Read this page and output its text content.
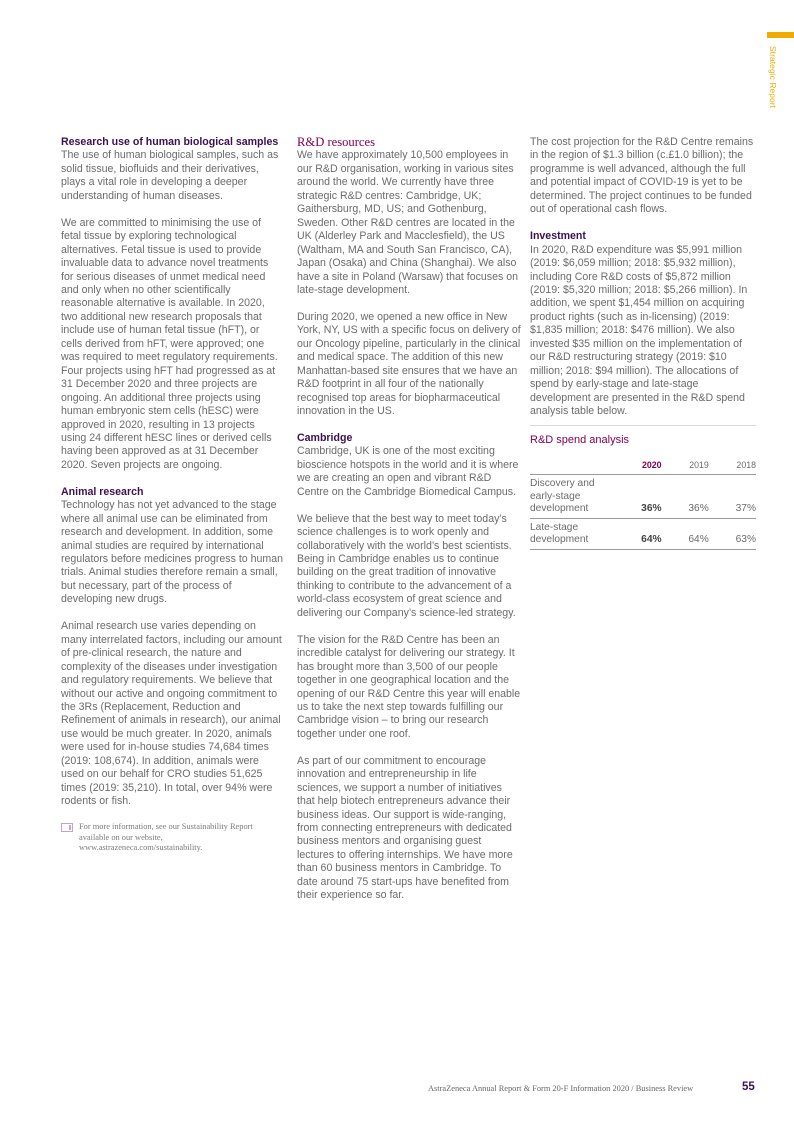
Strategic Report
Research use of human biological samples

The use of human biological samples, such as solid tissue, biofluids and their derivatives, plays a vital role in developing a deeper understanding of human diseases.

We are committed to minimising the use of fetal tissue by exploring technological alternatives. Fetal tissue is used to provide invaluable data to advance novel treatments for serious diseases of unmet medical need and only when no other scientifically reasonable alternative is available. In 2020, two additional new research proposals that include use of human fetal tissue (hFT), or cells derived from hFT, were approved; one was required to meet regulatory requirements. Four projects using hFT had progressed as at 31 December 2020 and three projects are ongoing. An additional three projects using human embryonic stem cells (hESC) were approved in 2020, resulting in 13 projects using 24 different hESC lines or derived cells having been approved as at 31 December 2020. Seven projects are ongoing.

Animal research

Technology has not yet advanced to the stage where all animal use can be eliminated from research and development. In addition, some animal studies are required by international regulators before medicines progress to human trials. Animal studies therefore remain a small, but necessary, part of the process of developing new drugs.

Animal research use varies depending on many interrelated factors, including our amount of pre-clinical research, the nature and complexity of the diseases under investigation and regulatory requirements. We believe that without our active and ongoing commitment to the 3Rs (Replacement, Reduction and Refinement of animals in research), our animal use would be much greater. In 2020, animals were used for in-house studies 74,684 times (2019: 108,674). In addition, animals were used on our behalf for CRO studies 51,625 times (2019: 35,210). In total, over 94% were rodents or fish.

For more information, see our Sustainability Report available on our website, www.astrazeneca.com/sustainability.
R&D resources

We have approximately 10,500 employees in our R&D organisation, working in various sites around the world. We currently have three strategic R&D centres: Cambridge, UK; Gaithersburg, MD, US; and Gothenburg, Sweden. Other R&D centres are located in the UK (Alderley Park and Macclesfield), the US (Waltham, MA and South San Francisco, CA), Japan (Osaka) and China (Shanghai). We also have a site in Poland (Warsaw) that focuses on late-stage development.

During 2020, we opened a new office in New York, NY, US with a specific focus on delivery of our Oncology pipeline, particularly in the clinical and medical space. The addition of this new Manhattan-based site ensures that we have an R&D footprint in all four of the nationally recognised top areas for biopharmaceutical innovation in the US.

Cambridge

Cambridge, UK is one of the most exciting bioscience hotspots in the world and it is where we are creating an open and vibrant R&D Centre on the Cambridge Biomedical Campus.

We believe that the best way to meet today’s science challenges is to work openly and collaboratively with the world’s best scientists. Being in Cambridge enables us to continue building on the great tradition of innovative thinking to contribute to the advancement of a world-class ecosystem of great science and delivering our Company’s science-led strategy.

The vision for the R&D Centre has been an incredible catalyst for delivering our strategy. It has brought more than 3,500 of our people together in one geographical location and the opening of our R&D Centre this year will enable us to take the next step towards fulfilling our Cambridge vision – to bring our research together under one roof.

As part of our commitment to encourage innovation and entrepreneurship in life sciences, we support a number of initiatives that help biotech entrepreneurs advance their business ideas. Our support is wide-ranging, from connecting entrepreneurs with dedicated business mentors and organising guest lectures to offering internships. We have more than 60 business mentors in Cambridge. To date around 75 start-ups have benefited from their experience so far.

The cost projection for the R&D Centre remains in the region of $1.3 billion (c.£1.0 billion); the programme is well advanced, although the full and potential impact of COVID-19 is yet to be determined. The project continues to be funded out of operational cash flows.

Investment

In 2020, R&D expenditure was $5,991 million (2019: $6,059 million; 2018: $5,932 million), including Core R&D costs of $5,872 million (2019: $5,320 million; 2018: $5,266 million). In addition, we spent $1,454 million on acquiring product rights (such as in-licensing) (2019: $1,835 million; 2018: $476 million). We also invested $35 million on the implementation of our R&D restructuring strategy (2019: $10 million; 2018: $94 million). The allocations of spend by early-stage and late-stage development are presented in the R&D spend analysis table below.

R&D spend analysis
	2020	2019	2018
Discovery and early-stage development	36%	36%	37%
Late-stage development	64%	64%	63%
AstraZeneca Annual Report & Form 20-F Information 2020 / Business Review	55
